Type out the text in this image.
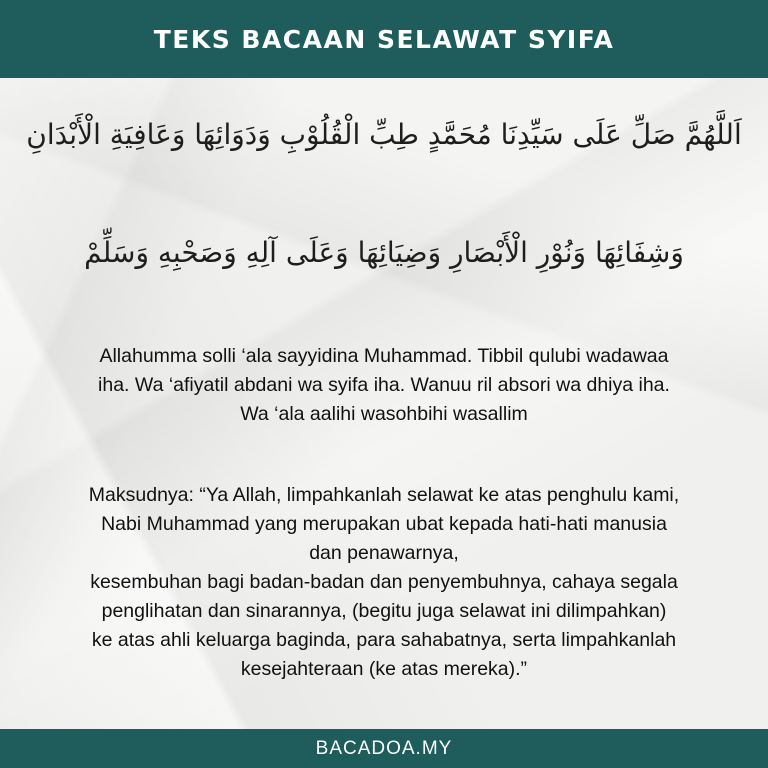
TEKS BACAAN SELAWAT SYIFA
اَللَّهُمَّ صَلِّ عَلَى سَيِّدِنَا مُحَمَّدٍ طِبِّ الْقُلُوْبِ وَدَوَائِهَا وَعَافِيَةِ الْأَبْدَانِ
وَشِفَائِهَا وَنُوْرِ الْأَبْصَارِ وَضِيَائِهَا وَعَلَى آلِهِ وَصَحْبِهِ وَسَلِّمْ
Allahumma solli ‘ala sayyidina Muhammad. Tibbil qulubi wadawaa
iha. Wa ‘afiyatil abdani wa syifa iha. Wanuu ril absori wa dhiya iha.
Wa ‘ala aalihi wasohbihi wasallim
Maksudnya: “Ya Allah, limpahkanlah selawat ke atas penghulu kami,
Nabi Muhammad yang merupakan ubat kepada hati-hati manusia
dan penawarnya,
kesembuhan bagi badan-badan dan penyembuhnya, cahaya segala
penglihatan dan sinarannya, (begitu juga selawat ini dilimpahkan)
ke atas ahli keluarga baginda, para sahabatnya, serta limpahkanlah
kesejahteraan (ke atas mereka).”
BACADOA.MY
